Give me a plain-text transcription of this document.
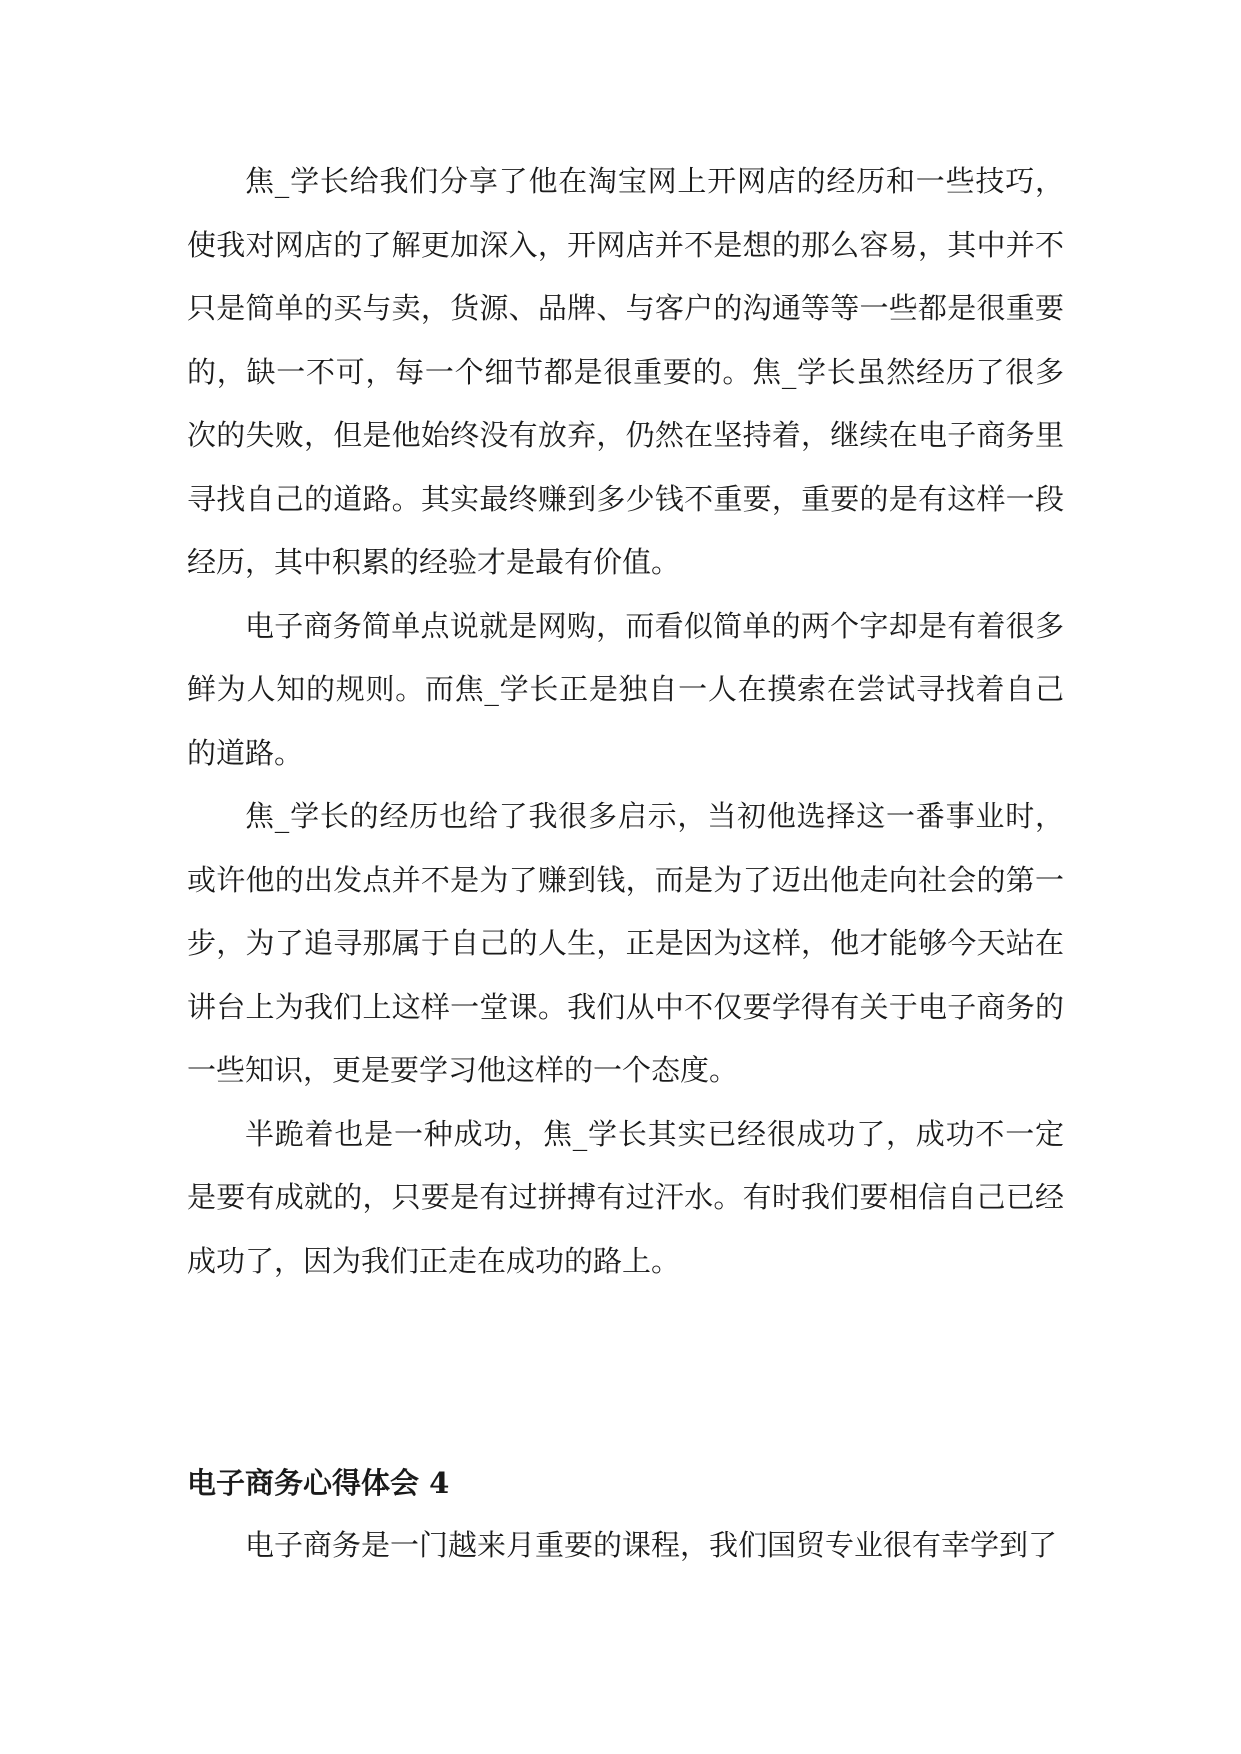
焦_学长给我们分享了他在淘宝网上开网店的经历和一些技巧，使我对网店的了解更加深入，开网店并不是想的那么容易，其中并不只是简单的买与卖，货源、品牌、与客户的沟通等等一些都是很重要的，缺一不可，每一个细节都是很重要的。焦_学长虽然经历了很多次的失败，但是他始终没有放弃，仍然在坚持着，继续在电子商务里寻找自己的道路。其实最终赚到多少钱不重要，重要的是有这样一段经历，其中积累的经验才是最有价值。

电子商务简单点说就是网购，而看似简单的两个字却是有着很多鲜为人知的规则。而焦_学长正是独自一人在摸索在尝试寻找着自己的道路。

焦_学长的经历也给了我很多启示，当初他选择这一番事业时，或许他的出发点并不是为了赚到钱，而是为了迈出他走向社会的第一步，为了追寻那属于自己的人生，正是因为这样，他才能够今天站在讲台上为我们上这样一堂课。我们从中不仅要学得有关于电子商务的一些知识，更是要学习他这样的一个态度。

半跪着也是一种成功，焦_学长其实已经很成功了，成功不一定是要有成就的，只要是有过拼搏有过汗水。有时我们要相信自己已经成功了，因为我们正走在成功的路上。

电子商务心得体会 4

电子商务是一门越来月重要的课程，我们国贸专业很有幸学到了
